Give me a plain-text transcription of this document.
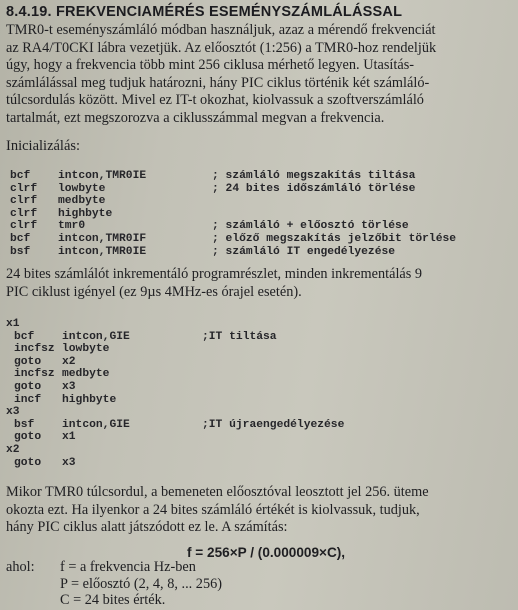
8.4.19. FREKVENCIAMÉRÉS ESEMÉNYSZÁMLÁLÁSSAL

TMR0-t eseményszámláló módban használjuk, azaz a mérendő frekvenciát
az RA4/T0CKI lábra vezetjük. Az előosztót (1:256) a TMR0-hoz rendeljük
úgy, hogy a frekvencia több mint 256 ciklusa mérhető legyen. Utasítás-
számlálással meg tudjuk határozni, hány PIC ciklus történik két számláló-
túlcsordulás között. Mivel ez IT-t okozhat, kiolvassuk a szoftverszámláló
tartalmát, ezt megszorozva a ciklusszámmal megvan a frekvencia.

Inicializálás:
bcf intcon,TMR0IE	; számláló megszakítás tiltása
clrf lowbyte	; 24 bites időszámláló törlése
clrf medbyte
clrf highbyte
clrf tmr0	; számláló + előosztó törlése
bcf intcon,TMR0IF	; előző megszakítás jelzőbit törlése
bsf intcon,TMR0IE	; számláló IT engedélyezése

24 bites számlálót inkrementáló programrészlet, minden inkrementálás 9
PIC ciklust igényel (ez 9µs 4MHz-es órajel esetén).

x1
bcf intcon,GIE	;IT tiltása
incfsz lowbyte
goto x2
incfsz medbyte
goto x3
incf highbyte
x3
bsf intcon,GIE	;IT újraengedélyezése
goto x1
x2
goto x3

Mikor TMR0 túlcsordul, a bemeneten előosztóval leosztott jel 256. üteme
okozta ezt. Ha ilyenkor a 24 bites számláló értékét is kiolvassuk, tudjuk,
hány PIC ciklus alatt játszódott ez le. A számítás:

f = 256×P / (0.000009×C),
ahol: f = a frekvencia Hz-ben
P = előosztó (2, 4, 8, ... 256)
C = 24 bites érték.
